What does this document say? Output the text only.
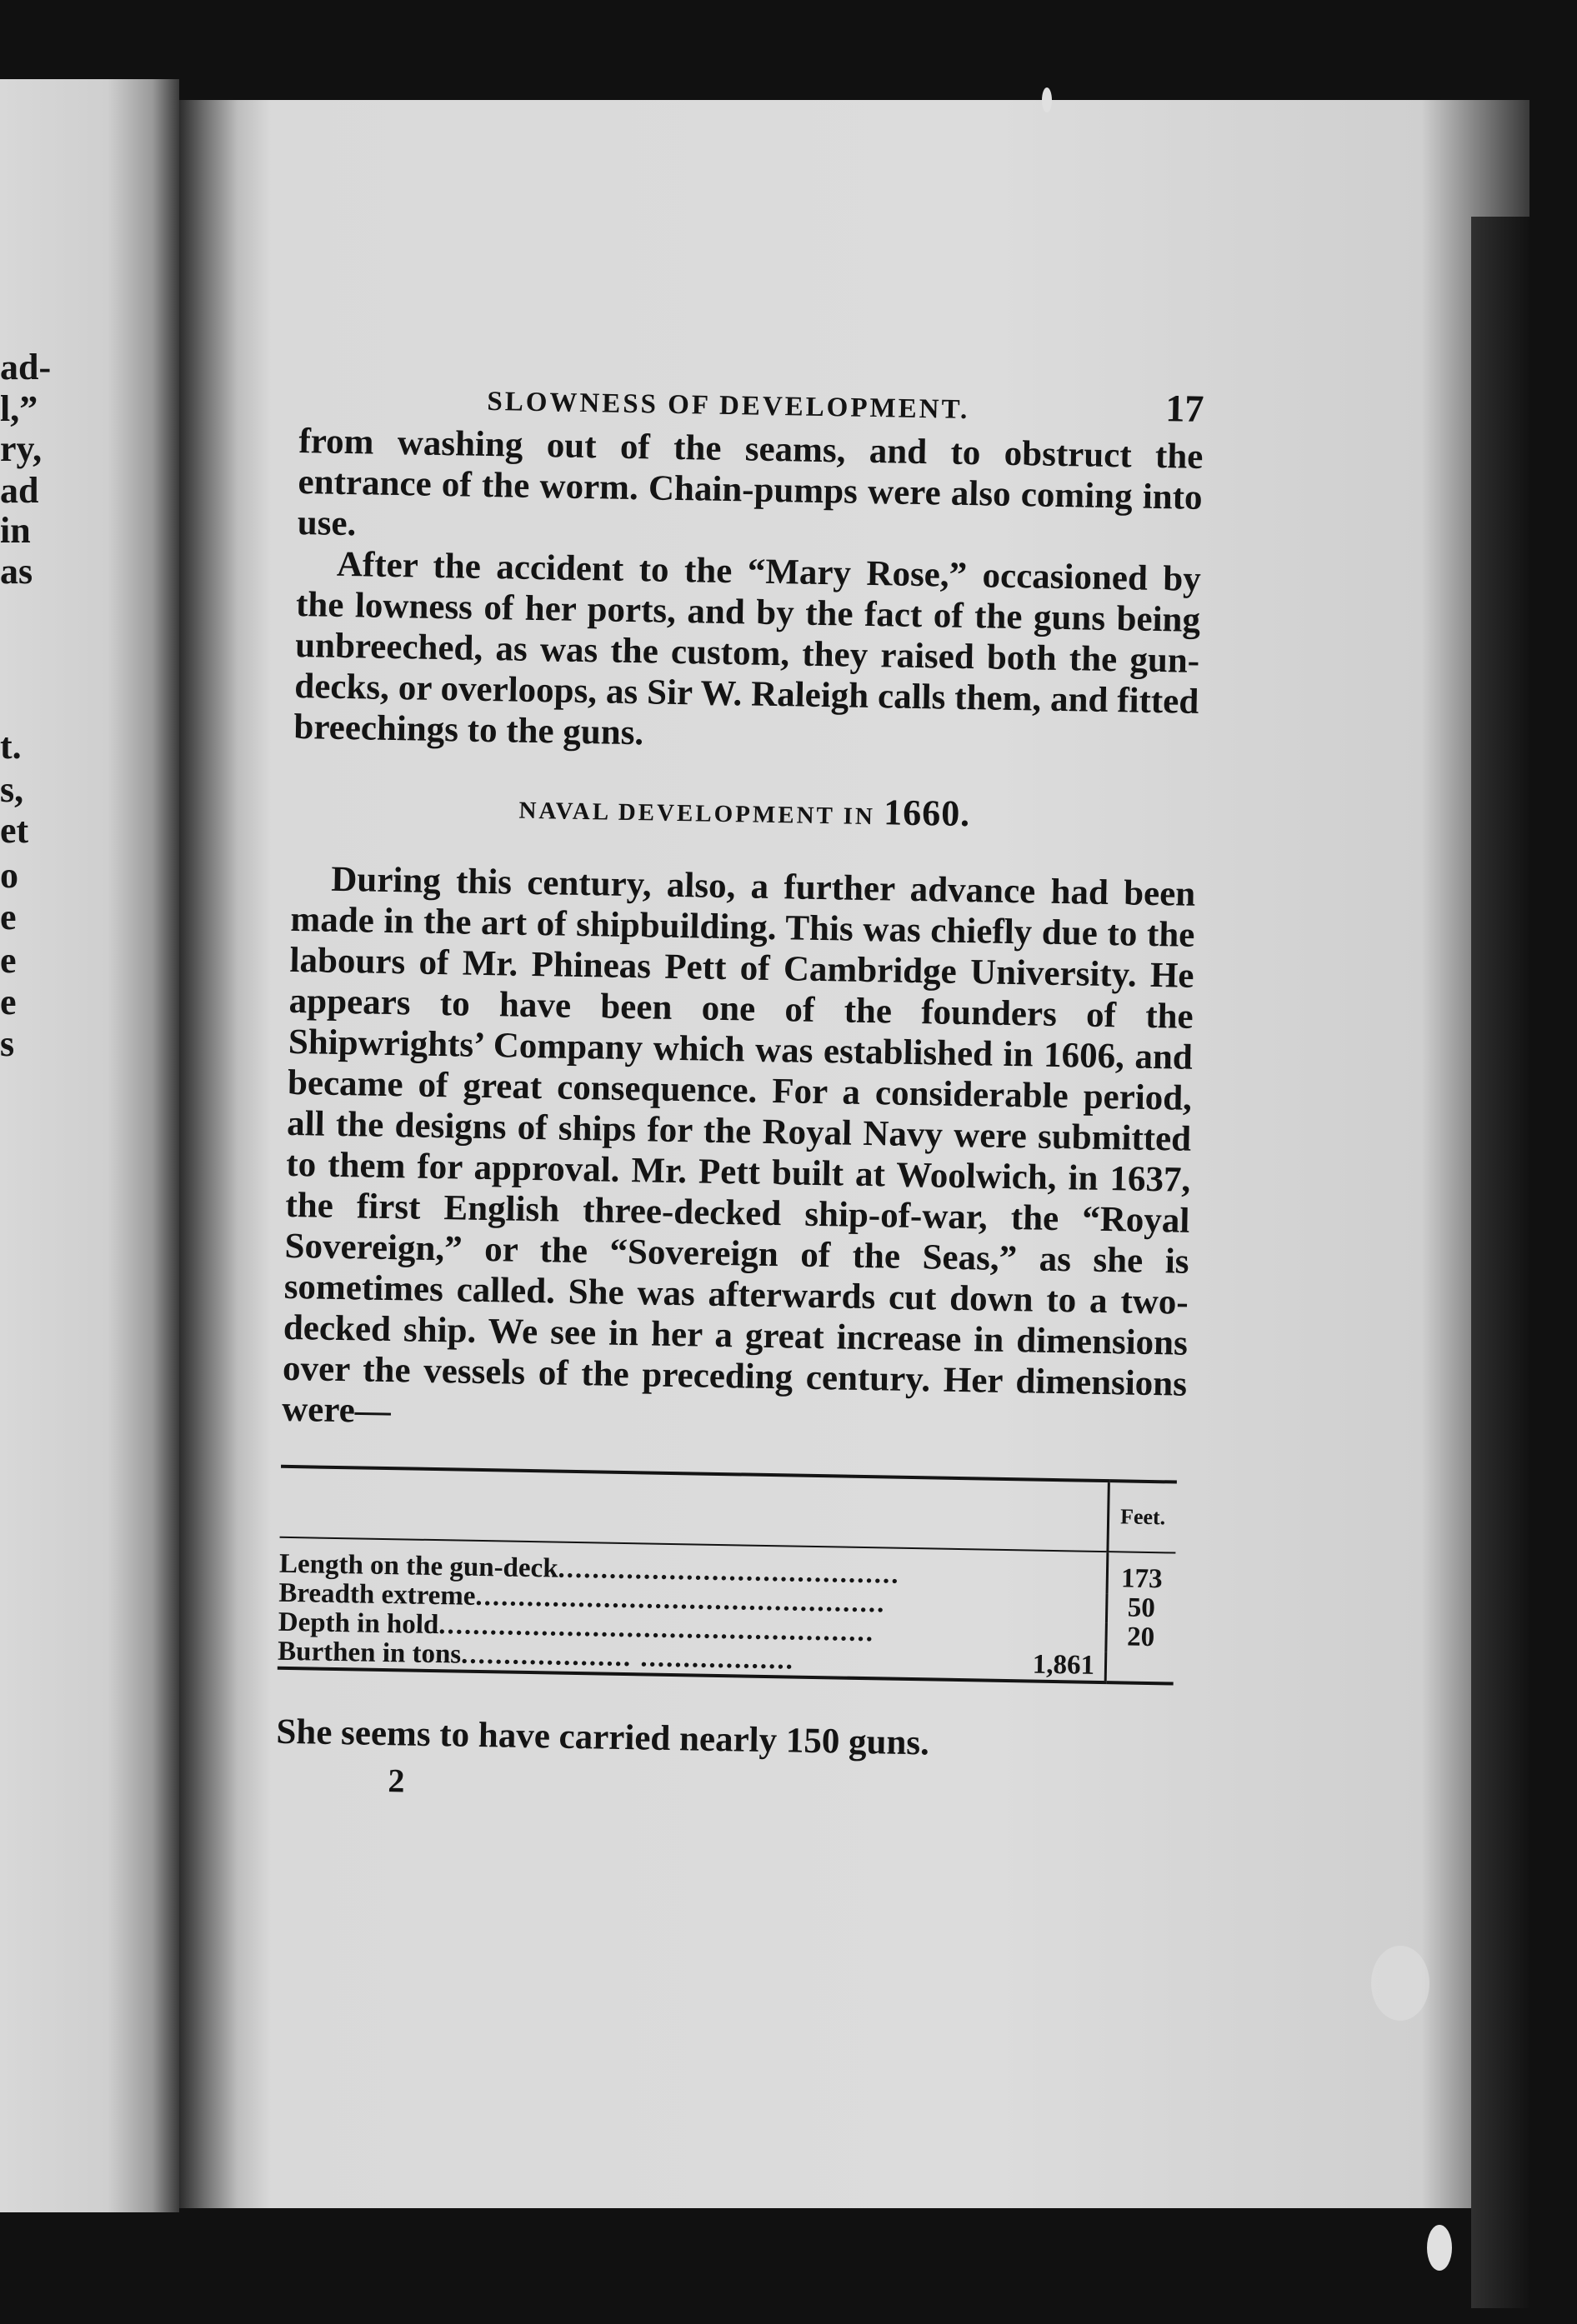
ad-
l,”
ry,
ad
in
as
t.
s,
et
o
e
e
e
s
SLOWNESS OF DEVELOPMENT.	17

from washing out of the seams, and to obstruct the entrance of the worm. Chain-pumps were also coming into use.

After the accident to the “Mary Rose,” occasioned by the lowness of her ports, and by the fact of the guns being unbreeched, as was the custom, they raised both the gun-decks, or overloops, as Sir W. Raleigh calls them, and fitted breechings to the guns.

NAVAL DEVELOPMENT IN 1660.

During this century, also, a further advance had been made in the art of shipbuilding. This was chiefly due to the labours of Mr. Phineas Pett of Cambridge University. He appears to have been one of the founders of the Shipwrights’ Company which was established in 1606, and became of great consequence. For a considerable period, all the designs of ships for the Royal Navy were submitted to them for approval. Mr. Pett built at Woolwich, in 1637, the first English three-decked ship-of-war, the “Royal Sovereign,” or the “Sovereign of the Seas,” as she is sometimes called. She was afterwards cut down to a two-decked ship. We see in her a great increase in dimensions over the vessels of the preceding century. Her dimensions were—

	Feet.
Length on the gun-deck........................................	173
Breadth extreme................................................	50
Depth in hold...................................................	20
Burthen in tons.................... .................. 1,861	

She seems to have carried nearly 150 guns.
2
